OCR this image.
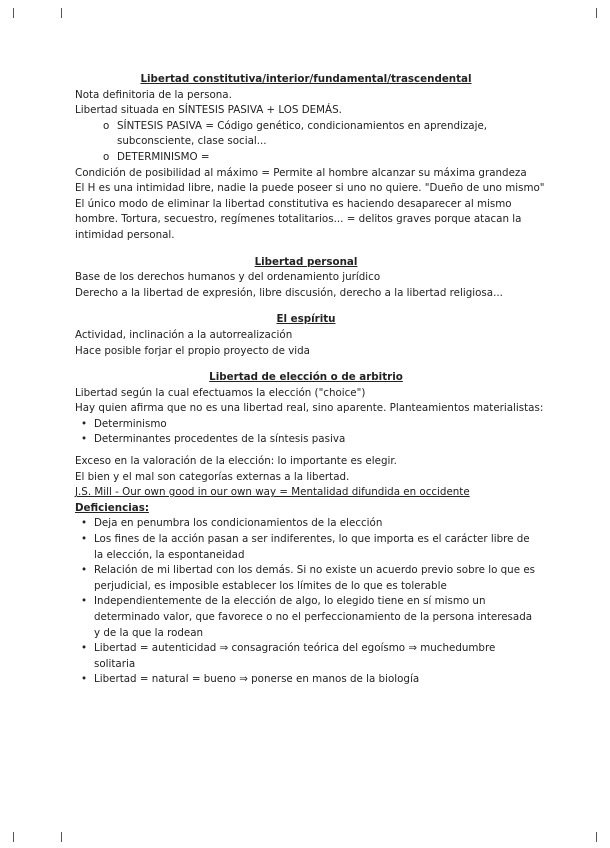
Libertad constitutiva/interior/fundamental/trascendental
Nota definitoria de la persona.
Libertad situada en SÍNTESIS PASIVA + LOS DEMÁS.
o SÍNTESIS PASIVA = Código genético, condicionamientos en aprendizaje, subconsciente, clase social...
o DETERMINISMO =
Condición de posibilidad al máximo = Permite al hombre alcanzar su máxima grandeza
El H es una intimidad libre, nadie la puede poseer si uno no quiere. "Dueño de uno mismo"
El único modo de eliminar la libertad constitutiva es haciendo desaparecer al mismo hombre. Tortura, secuestro, regímenes totalitarios... = delitos graves porque atacan la intimidad personal.
Libertad personal
Base de los derechos humanos y del ordenamiento jurídico
Derecho a la libertad de expresión, libre discusión, derecho a la libertad religiosa...
El espíritu
Actividad, inclinación a la autorrealización
Hace posible forjar el propio proyecto de vida
Libertad de elección o de arbitrio
Libertad según la cual efectuamos la elección ("choice")
Hay quien afirma que no es una libertad real, sino aparente. Planteamientos materialistas:
• Determinismo
• Determinantes procedentes de la síntesis pasiva
Exceso en la valoración de la elección: lo importante es elegir.
El bien y el mal son categorías externas a la libertad.
J.S. Mill - Our own good in our own way = Mentalidad difundida en occidente
Deficiencias:
• Deja en penumbra los condicionamientos de la elección
• Los fines de la acción pasan a ser indiferentes, lo que importa es el carácter libre de la elección, la espontaneidad
• Relación de mi libertad con los demás. Si no existe un acuerdo previo sobre lo que es perjudicial, es imposible establecer los límites de lo que es tolerable
• Independientemente de la elección de algo, lo elegido tiene en sí mismo un determinado valor, que favorece o no el perfeccionamiento de la persona interesada y de la que la rodean
• Libertad = autenticidad ⇒ consagración teórica del egoísmo ⇒ muchedumbre solitaria
• Libertad = natural = bueno ⇒ ponerse en manos de la biología
